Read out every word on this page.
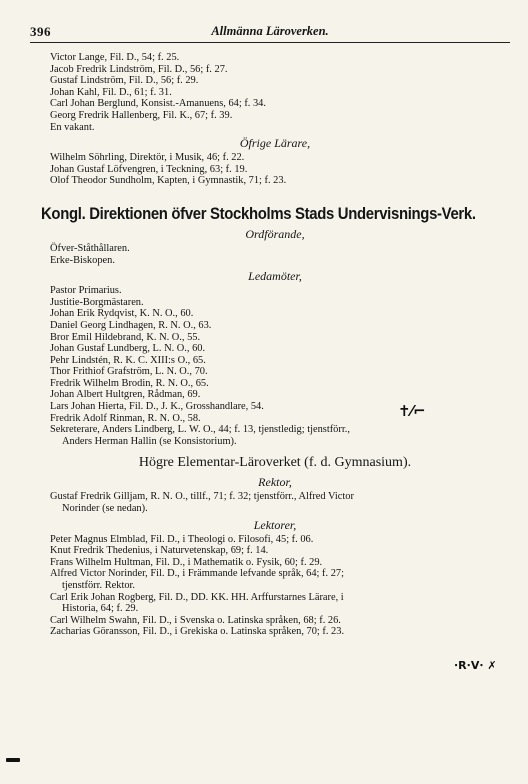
396	Allmänna Läroverken.
Victor Lange, Fil. D., 54; f. 25.
Jacob Fredrik Lindström, Fil. D., 56; f. 27.
Gustaf Lindström, Fil. D., 56; f. 29.
Johan Kahl, Fil. D., 61; f. 31.
Carl Johan Berglund, Konsist.-Amanuens, 64; f. 34.
Georg Fredrik Hallenberg, Fil. K., 67; f. 39.
En vakant.
Öfrige Lärare,
Wilhelm Söhrling, Direktör, i Musik, 46; f. 22.
Johan Gustaf Löfvengren, i Teckning, 63; f. 19.
Olof Theodor Sundholm, Kapten, i Gymnastik, 71; f. 23.
Kongl. Direktionen öfver Stockholms Stads Undervisnings-Verk.
Ordförande,
Öfver-Ståthållaren.
Erke-Biskopen.
Ledamöter,
Pastor Primarius.
Justitie-Borgmästaren.
Johan Erik Rydqvist, K. N. O., 60.
Daniel Georg Lindhagen, R. N. O., 63.
Bror Emil Hildebrand, K. N. O., 55.
Johan Gustaf Lundberg, L. N. O., 60.
Pehr Lindstén, R. K. C. XIII:s O., 65.
Thor Frithiof Grafström, L. N. O., 70.
Fredrik Wilhelm Brodin, R. N. O., 65.
Johan Albert Hultgren, Rådman, 69.
Lars Johan Hierta, Fil. D., J. K., Grosshandlare, 54.
Fredrik Adolf Rinman, R. N. O., 58.
Sekreterare, Anders Lindberg, L. W. O., 44; f. 13, tjenstledig; tjenstförr.,
Anders Herman Hallin (se Konsistorium).
Högre Elementar-Läroverket (f. d. Gymnasium).
Rektor,
Gustaf Fredrik Gilljam, R. N. O., tillf., 71; f. 32; tjenstförr., Alfred Victor
Norinder (se nedan).
Lektorer,
Peter Magnus Elmblad, Fil. D., i Theologi o. Filosofi, 45; f. 06.
Knut Fredrik Thedenius, i Naturvetenskap, 69; f. 14.
Frans Wilhelm Hultman, Fil. D., i Mathematik o. Fysik, 60; f. 29.
Alfred Victor Norinder, Fil. D., i Främmande lefvande språk, 64; f. 27;
tjenstförr. Rektor.
Carl Erik Johan Rogberg, Fil. D., DD. KK. HH. Arffurstarnes Lärare, i
Historia, 64; f. 29.
Carl Wilhelm Swahn, Fil. D., i Svenska o. Latinska språken, 68; f. 26.
Zacharias Göransson, Fil. D., i Grekiska o. Latinska språken, 70; f. 23.
✝⁄⌐
∙R∙V∙ ✗
